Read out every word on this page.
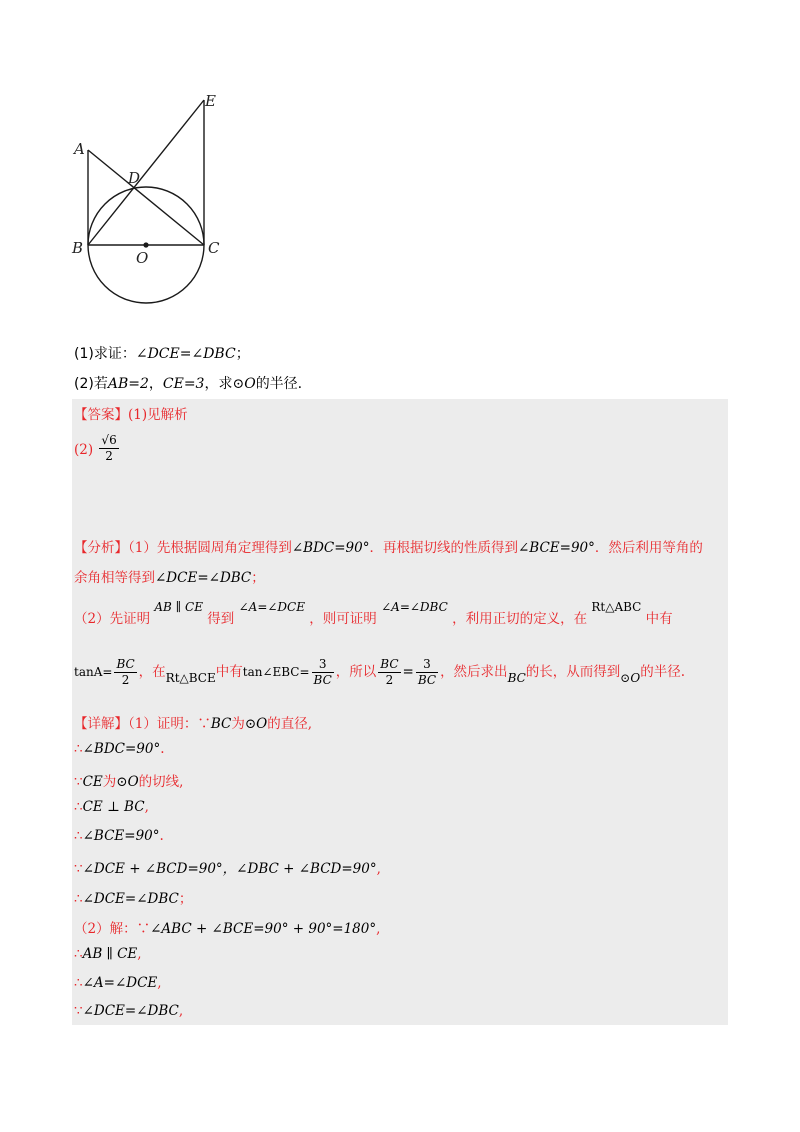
E
A
D
B	C
O
(1)求证：∠DCE=∠DBC；
(2)若AB=2，CE=3，求⊙O的半径.
【答案】(1)见解析
$(2) \frac{√6}{2}$
【分析】（1）先根据圆周角定理得到∠BDC=90°．再根据切线的性质得到∠BCE=90°．然后利用等角的
余角相等得到∠DCE=∠DBC；
（2）先证明 AB ∥ CE 得到 ∠A=∠DCE ，则可证明 ∠A=∠DBC ，利用正切的定义，在 Rt△ABC 中有
$\tan A= \frac{BC}{2}$ ，在Rt△BCE中有tan∠EBC= $\frac{3}{BC}$ ，所以 $\frac{BC}{2} = \frac{3}{BC}$ ，然后求出BC的长，从而得到⊙O的半径.
【详解】（1）证明：∵BC为⊙O的直径,
∴∠BDC=90°.
∵CE为⊙O的切线,
∴CE ⊥ BC,
∴∠BCE=90°.
∵∠DCE + ∠BCD=90°，∠DBC + ∠BCD=90°,
∴∠DCE=∠DBC；
（2）解：∵∠ABC + ∠BCE=90° + 90°=180°,
∴AB ∥ CE,
∴∠A=∠DCE,
∵∠DCE=∠DBC,
